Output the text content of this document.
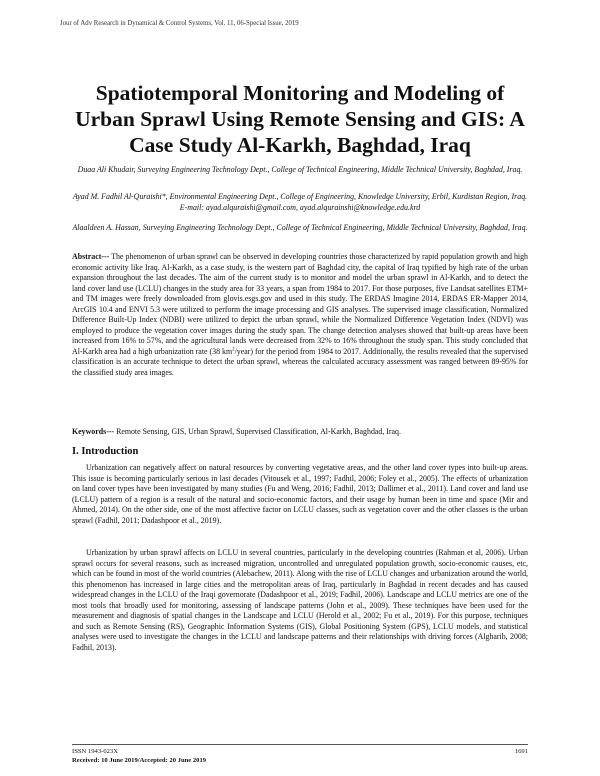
Jour of Adv Research in Dynamical & Control Systems, Vol. 11, 06-Special Issue, 2019
Spatiotemporal Monitoring and Modeling of Urban Sprawl Using Remote Sensing and GIS: A Case Study Al-Karkh, Baghdad, Iraq
Duaa Ali Khudair, Surveying Engineering Technology Dept., College of Technical Engineering, Middle Technical University, Baghdad, Iraq.
Ayad M. Fadhil Al-Quraishi*, Environmental Engineering Dept., College of Engineering, Knowledge University, Erbil, Kurdistan Region, Iraq. E-mail: ayad.alquraishi@gmail.com, ayad.alqurainshi@knowledge.edu.krd
Alaaldeen A. Hassan, Surveying Engineering Technology Dept., College of Technical Engineering, Middle Technical University, Baghdad, Iraq.

Abstract--- The phenomenon of urban sprawl can be observed in developing countries those characterized by rapid population growth and high economic activity like Iraq. Al-Karkh, as a case study, is the western part of Baghdad city, the capital of Iraq typified by high rate of the urban expansion throughout the last decades. The aim of the current study is to monitor and model the urban sprawl in Al-Karkh, and to detect the land cover land use (LCLU) changes in the study area for 33 years, a span from 1984 to 2017. For those purposes, five Landsat satellites ETM+ and TM images were freely downloaded from glovis.esgs.gov and used in this study. The ERDAS Imagine 2014, ERDAS ER-Mapper 2014, ArcGIS 10.4 and ENVI 5.3 were utilized to perform the image processing and GIS analyses. The supervised image classification, Normalized Difference Built-Up Index (NDBI) were utilized to depict the urban sprawl, while the Normalized Difference Vegetation Index (NDVI) was employed to produce the vegetation cover images during the study span. The change detection analyses showed that built-up areas have been increased from 16% to 57%, and the agricultural lands were decreased from 32% to 16% throughout the study span. This study concluded that Al-Karkh area had a high urbanization rate (38 $km^2/year$) for the period from 1984 to 2017. Additionally, the results revealed that the supervised classification is an accurate technique to detect the urban sprawl, whereas the calculated accuracy assessment was ranged between 89-95% for the classified study area images.

Keywords--- Remote Sensing, GIS, Urban Sprawl, Supervised Classification, Al-Karkh, Baghdad, Iraq.

I. Introduction

Urbanization can negatively affect on natural resources by converting vegetative areas, and the other land cover types into built-up areas. This issue is becoming particularly serious in last decades (Vitousek et al., 1997; Fadhil, 2006; Foley et al., 2005). The effects of urbanization on land cover types have been investigated by many studies (Fu and Weng, 2016; Fadhil, 2013; Dallimer et al., 2011). Land cover and land use (LCLU) pattern of a region is a result of the natural and socio-economic factors, and their usage by human been in time and space (Mir and Ahmed, 2014). On the other side, one of the most affective factor on LCLU classes, such as vegetation cover and the other classes is the urban sprawl (Fadhil, 2011; Dadashpoor et al., 2019).

Urbanization by urban sprawl affects on LCLU in several countries, particularly in the developing countries (Rahman et al, 2006). Urban sprawl occurs for several reasons, such as increased migration, uncontrolled and unregulated population growth, socio-economic causes, etc, which can be found in most of the world countries (Alebachew, 2011). Along with the rise of LCLU changes and urbanization around the world, this phenomenon has increased in large cities and the metropolitan areas of Iraq, particularly in Baghdad in recent decades and has caused widespread changes in the LCLU of the Iraqi governorate (Dadashpoor et al., 2019; Fadhil, 2006). Landscape and LCLU metrics are one of the most tools that broadly used for monitoring, assessing of landscape patterns (John et al., 2009). These techniques have been used for the measurement and diagnosis of spatial changes in the Landscape and LCLU (Herold et al., 2002; Fu et al., 2019). For this purpose, techniques and such as Remote Sensing (RS), Geographic Information Systems (GIS), Global Positioning System (GPS), LCLU models, and statistical analyses were used to investigate the changes in the LCLU and landscape patterns and their relationships with driving forces (Algharib, 2008; Fadhil, 2013).

ISSN 1943-023X
Received: 10 June 2019/Accepted: 20 June 2019
1691
